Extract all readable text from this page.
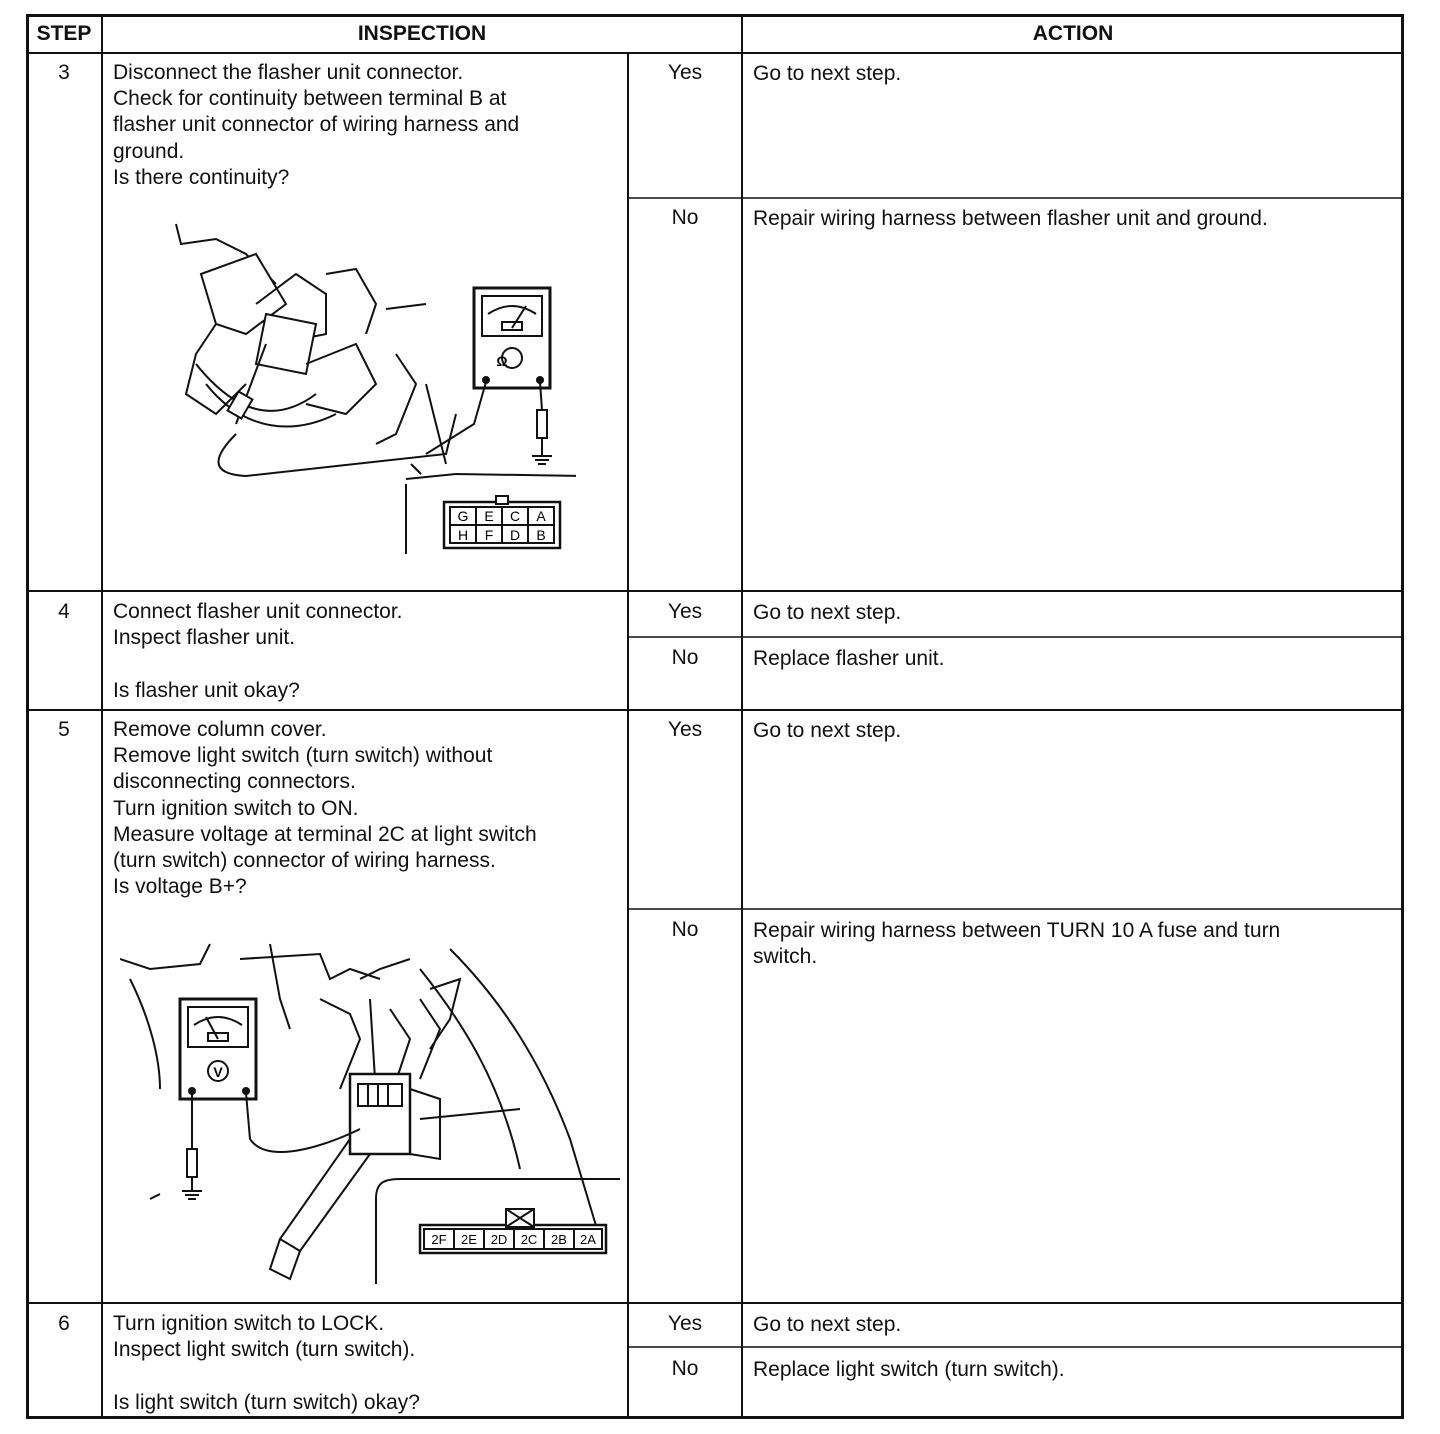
STEP	INSPECTION	ACTION
3	Disconnect the flasher unit connector.
Check for continuity between terminal B at
flasher unit connector of wiring harness and
ground.
Is there continuity?
Yes	Go to next step.
No	Repair wiring harness between flasher unit and ground.
Ω
G E C A
H F D B
4	Connect flasher unit connector.
Inspect flasher unit.

Is flasher unit okay?
Yes	Go to next step.
No	Replace flasher unit.
5	Remove column cover.
Remove light switch (turn switch) without
disconnecting connectors.
Turn ignition switch to ON.
Measure voltage at terminal 2C at light switch
(turn switch) connector of wiring harness.
Is voltage B+?
Yes	Go to next step.
No	Repair wiring harness between TURN 10 A fuse and turn
switch.
V
2F 2E 2D 2C 2B 2A
6	Turn ignition switch to LOCK.
Inspect light switch (turn switch).

Is light switch (turn switch) okay?
Yes	Go to next step.
No	Replace light switch (turn switch).
